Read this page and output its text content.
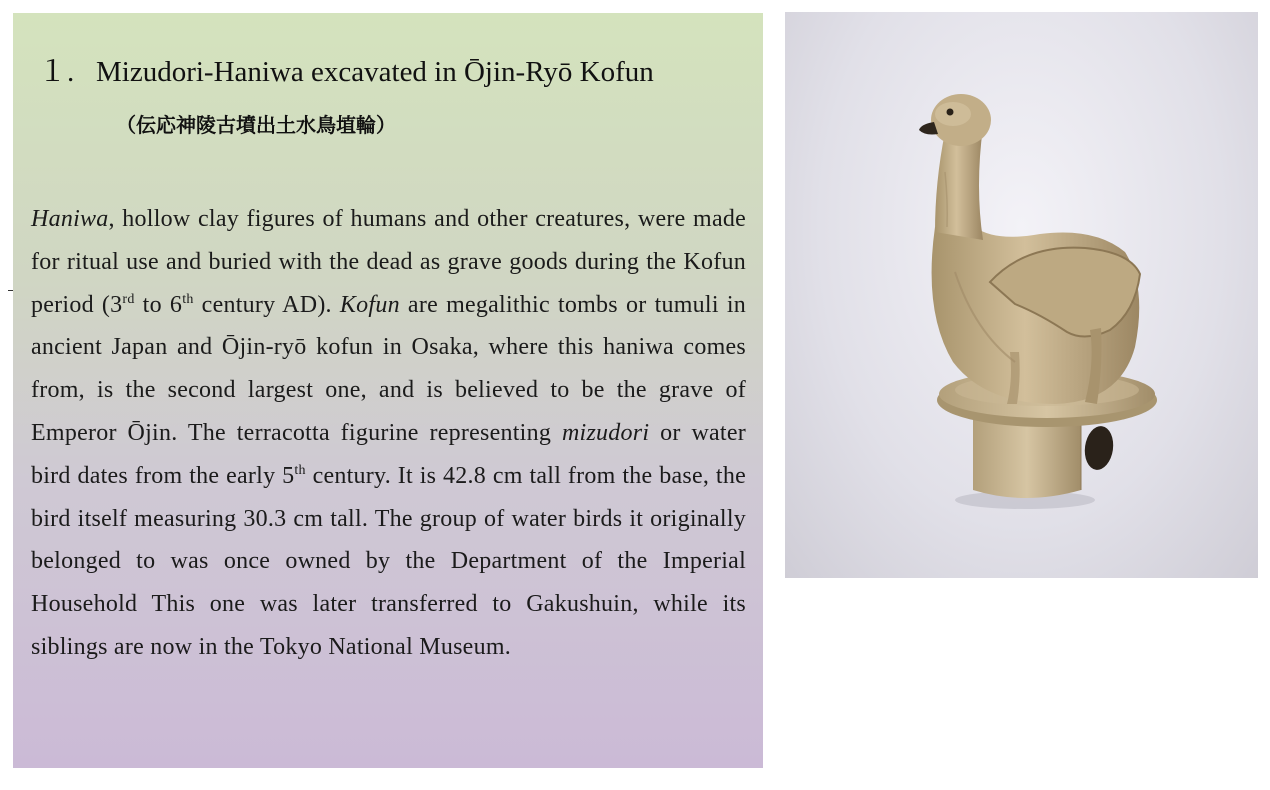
１. Mizudori-Haniwa excavated in Ōjin-Ryō Kofun
（伝応神陵古墳出土水鳥埴輪）
Haniwa, hollow clay figures of humans and other creatures, were made for ritual use and buried with the dead as grave goods during the Kofun period (3rd to 6th century AD). Kofun are megalithic tombs or tumuli in ancient Japan and Ōjin-ryō kofun in Osaka, where this haniwa comes from, is the second largest one, and is believed to be the grave of Emperor Ōjin. The terracotta figurine representing mizudori or water bird dates from the early 5th century. It is 42.8 cm tall from the base, the bird itself measuring 30.3 cm tall. The group of water birds it originally belonged to was once owned by the Department of the Imperial Household This one was later transferred to Gakushuin, while its siblings are now in the Tokyo National Museum.
